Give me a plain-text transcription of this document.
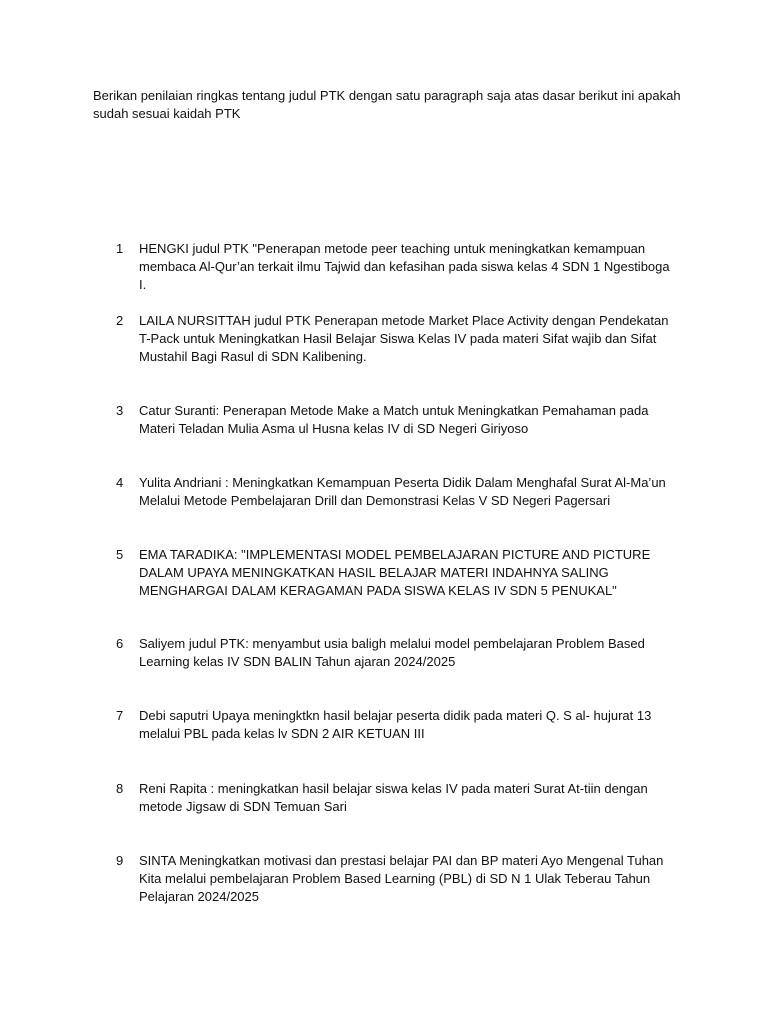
Berikan penilaian ringkas tentang judul PTK dengan satu paragraph saja atas dasar berikut ini apakah sudah sesuai kaidah PTK

1	HENGKI judul PTK "Penerapan metode peer teaching untuk meningkatkan kemampuan membaca Al-Qur’an terkait ilmu Tajwid dan kefasihan pada siswa kelas 4 SDN 1 Ngestiboga I.

2	LAILA NURSITTAH judul PTK Penerapan metode Market Place Activity dengan Pendekatan T-Pack untuk Meningkatkan Hasil Belajar Siswa Kelas IV pada materi Sifat wajib dan Sifat Mustahil Bagi Rasul di SDN Kalibening.

3	Catur Suranti: Penerapan Metode Make a Match untuk Meningkatkan Pemahaman pada Materi Teladan Mulia Asma ul Husna kelas IV di SD Negeri Giriyoso

4	Yulita Andriani : Meningkatkan Kemampuan Peserta Didik Dalam Menghafal Surat Al-Ma’un Melalui Metode Pembelajaran Drill dan Demonstrasi Kelas V SD Negeri Pagersari

5	EMA TARADIKA: "IMPLEMENTASI MODEL PEMBELAJARAN PICTURE AND PICTURE DALAM UPAYA MENINGKATKAN HASIL BELAJAR MATERI INDAHNYA SALING MENGHARGAI DALAM KERAGAMAN PADA SISWA KELAS IV SDN 5 PENUKAL"

6	Saliyem judul PTK: menyambut usia baligh melalui model pembelajaran Problem Based Learning kelas IV SDN BALIN Tahun ajaran 2024/2025

7	Debi saputri Upaya meningktkn hasil belajar peserta didik pada materi Q. S al- hujurat 13 melalui PBL pada kelas lv SDN 2 AIR KETUAN III

8	Reni Rapita : meningkatkan hasil belajar siswa kelas IV pada materi Surat At-tiin dengan metode Jigsaw di SDN Temuan Sari

9	SINTA Meningkatkan motivasi dan prestasi belajar PAI dan BP materi Ayo Mengenal Tuhan Kita melalui pembelajaran Problem Based Learning (PBL) di SD N 1 Ulak Teberau Tahun Pelajaran 2024/2025
